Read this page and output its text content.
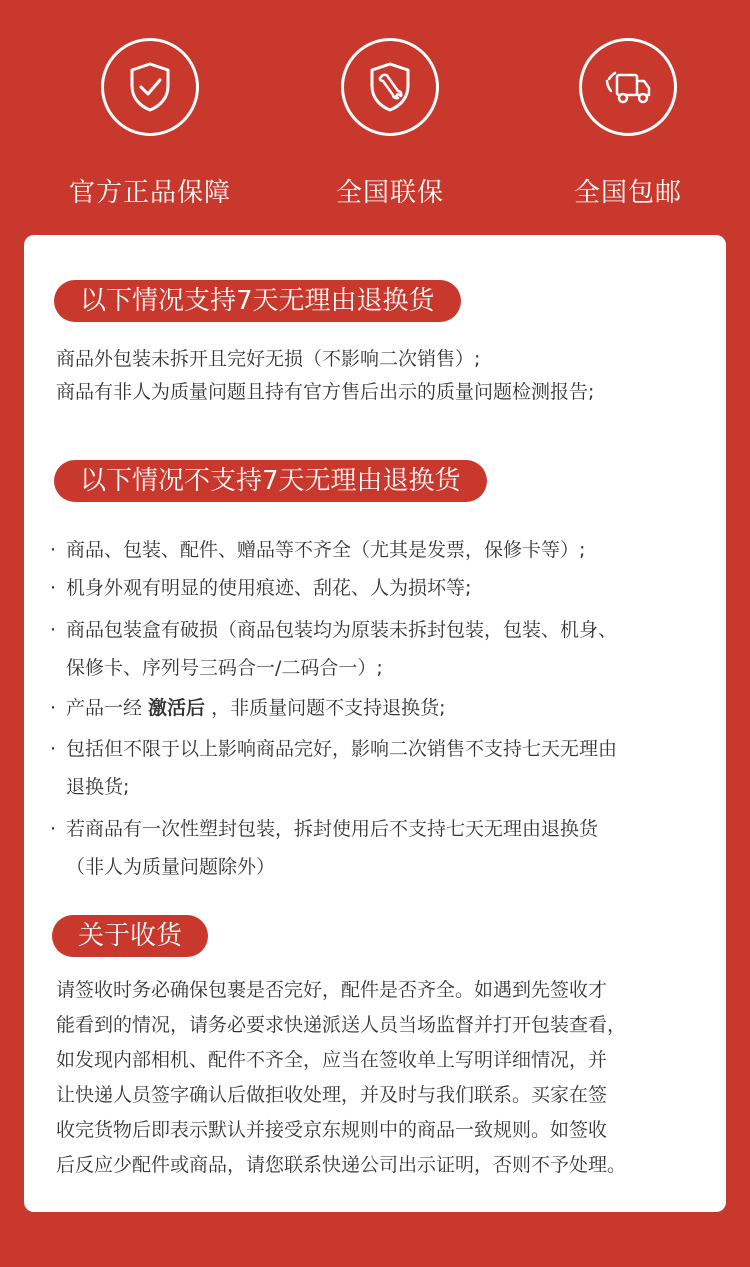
官方正品保障	全国联保	全国包邮
以下情况支持7天无理由退换货
商品外包装未拆开且完好无损（不影响二次销售）;
商品有非人为质量问题且持有官方售后出示的质量问题检测报告;
以下情况不支持7天无理由退换货
· 商品、包装、配件、赠品等不齐全（尤其是发票，保修卡等）;
· 机身外观有明显的使用痕迹、刮花、人为损坏等;
· 商品包装盒有破损（商品包装均为原装未拆封包装，包装、机身、
保修卡、序列号三码合一/二码合一）;
· 产品一经 激活后 ，非质量问题不支持退换货;
· 包括但不限于以上影响商品完好，影响二次销售不支持七天无理由
退换货;
· 若商品有一次性塑封包装，拆封使用后不支持七天无理由退换货
（非人为质量问题除外）
关于收货
请签收时务必确保包裹是否完好，配件是否齐全。如遇到先签收才
能看到的情况，请务必要求快递派送人员当场监督并打开包装查看，
如发现内部相机、配件不齐全，应当在签收单上写明详细情况，并
让快递人员签字确认后做拒收处理，并及时与我们联系。买家在签
收完货物后即表示默认并接受京东规则中的商品一致规则。如签收
后反应少配件或商品，请您联系快递公司出示证明，否则不予处理。
